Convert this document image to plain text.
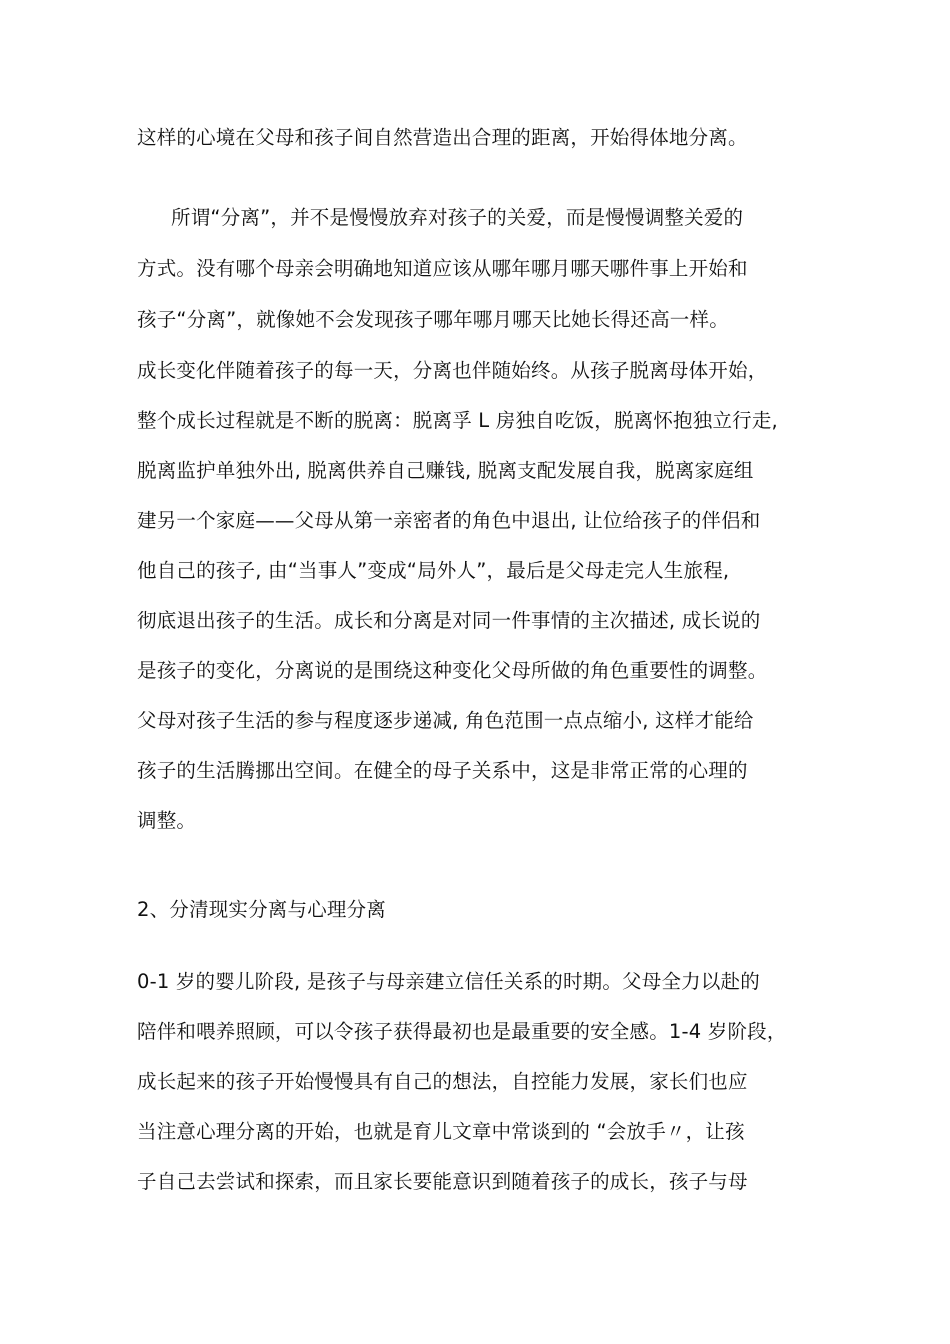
这样的心境在父母和孩子间自然营造出合理的距离，开始得体地分离。
所谓“分离”，并不是慢慢放弃对孩子的关爱，而是慢慢调整关爱的
方式。没有哪个母亲会明确地知道应该从哪年哪月哪天哪件事上开始和
孩子“分离”，就像她不会发现孩子哪年哪月哪天比她长得还高一样。
成长变化伴随着孩子的每一天，分离也伴随始终。从孩子脱离母体开始，
整个成长过程就是不断的脱离：脱离孚 L 房独自吃饭，脱离怀抱独立行走,
脱离监护单独外出, 脱离供养自己赚钱, 脱离支配发展自我，脱离家庭组
建另一个家庭——父母从第一亲密者的角色中退出, 让位给孩子的伴侣和
他自己的孩子, 由“当事人”变成“局外人”，最后是父母走完人生旅程,
彻底退出孩子的生活。成长和分离是对同一件事情的主次描述, 成长说的
是孩子的变化，分离说的是围绕这种变化父母所做的角色重要性的调整。
父母对孩子生活的参与程度逐步递减, 角色范围一点点缩小, 这样才能给
孩子的生活腾挪出空间。在健全的母子关系中，这是非常正常的心理的
调整。
2、分清现实分离与心理分离
0-1 岁的婴儿阶段, 是孩子与母亲建立信任关系的时期。父母全力以赴的
陪伴和喂养照顾，可以令孩子获得最初也是最重要的安全感。1-4 岁阶段，
成长起来的孩子开始慢慢具有自己的想法，自控能力发展，家长们也应
当注意心理分离的开始，也就是育儿文章中常谈到的 “会放手〃，让孩
子自己去尝试和探索，而且家长要能意识到随着孩子的成长，孩子与母
